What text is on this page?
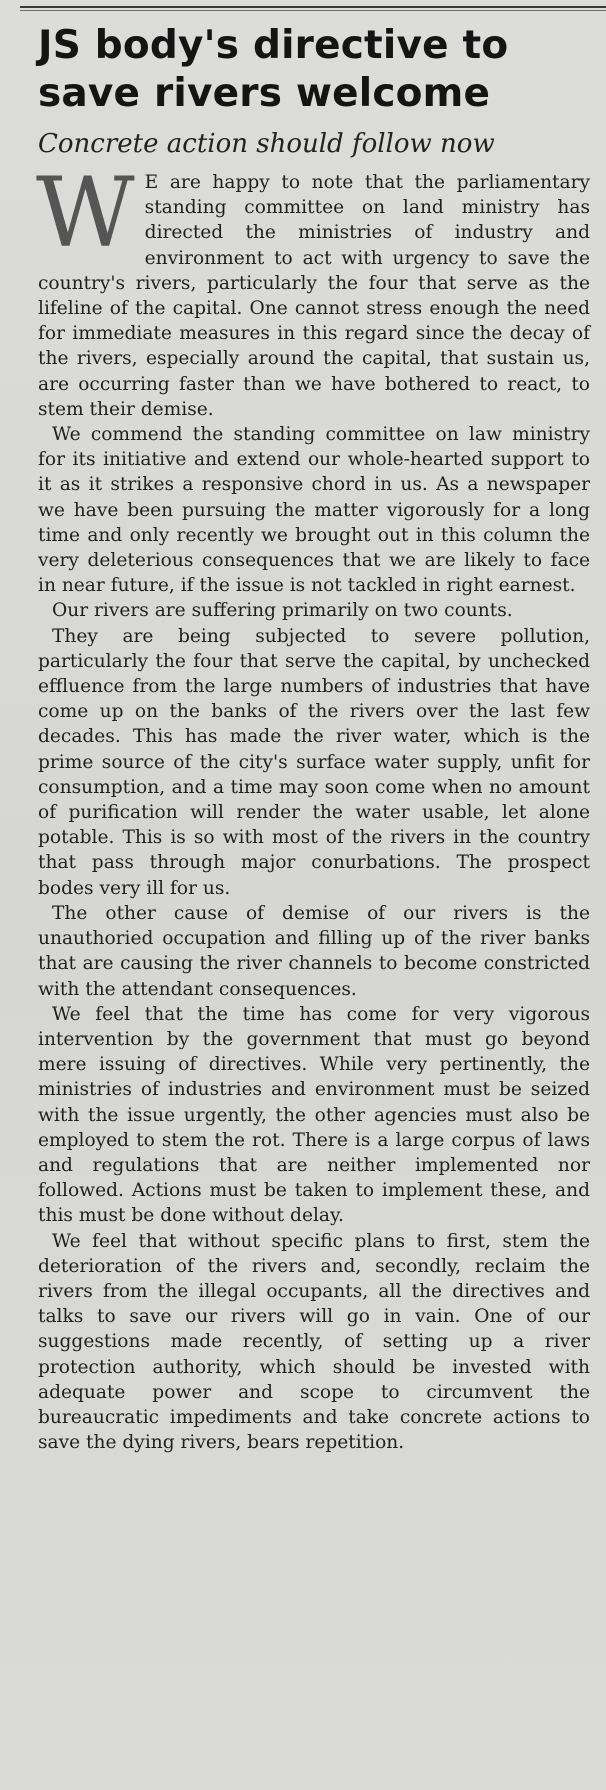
JS body's directive to
save rivers welcome
Concrete action should follow now

W E are happy to note that the parliamentary standing committee on land ministry has directed the ministries of industry and environment to act with urgency to save the country's rivers, particularly the four that serve as the lifeline of the capital. One cannot stress enough the need for immediate measures in this regard since the decay of the rivers, especially around the capital, that sustain us, are occurring faster than we have bothered to react, to stem their demise.

We commend the standing committee on law ministry for its initiative and extend our whole-hearted support to it as it strikes a responsive chord in us. As a newspaper we have been pursuing the matter vigorously for a long time and only recently we brought out in this column the very deleterious consequences that we are likely to face in near future, if the issue is not tackled in right earnest.

Our rivers are suffering primarily on two counts.

They are being subjected to severe pollution, particularly the four that serve the capital, by unchecked effluence from the large numbers of industries that have come up on the banks of the rivers over the last few decades. This has made the river water, which is the prime source of the city's surface water supply, unfit for consumption, and a time may soon come when no amount of purification will render the water usable, let alone potable. This is so with most of the rivers in the country that pass through major conurbations. The prospect bodes very ill for us.

The other cause of demise of our rivers is the unauthoried occupation and filling up of the river banks that are causing the river channels to become constricted with the attendant consequences.

We feel that the time has come for very vigorous intervention by the government that must go beyond mere issuing of directives. While very pertinently, the ministries of industries and environment must be seized with the issue urgently, the other agencies must also be employed to stem the rot. There is a large corpus of laws and regulations that are neither implemented nor followed. Actions must be taken to implement these, and this must be done without delay.

We feel that without specific plans to first, stem the deterioration of the rivers and, secondly, reclaim the rivers from the illegal occupants, all the directives and talks to save our rivers will go in vain. One of our suggestions made recently, of setting up a river protection authority, which should be invested with adequate power and scope to circumvent the bureaucratic impediments and take concrete actions to save the dying rivers, bears repetition.
